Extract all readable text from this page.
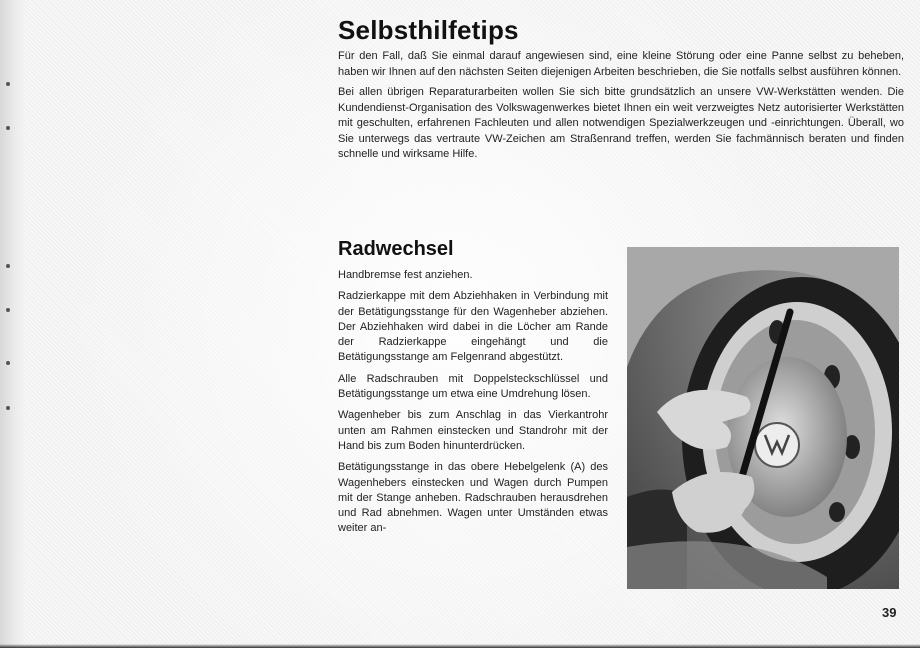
Selbsthilfetips

Für den Fall, daß Sie einmal darauf angewiesen sind, eine kleine Störung oder eine Panne selbst zu beheben, haben wir Ihnen auf den nächsten Seiten diejenigen Arbeiten beschrieben, die Sie notfalls selbst ausführen können.

Bei allen übrigen Reparaturarbeiten wollen Sie sich bitte grundsätzlich an unsere VW-Werkstätten wenden. Die Kundendienst-Organisation des Volkswagenwerkes bietet Ihnen ein weit verzweigtes Netz autorisierter Werkstätten mit geschulten, erfahrenen Fachleuten und allen notwendigen Spezialwerkzeugen und -einrichtungen. Überall, wo Sie unterwegs das vertraute VW-Zeichen am Straßenrand treffen, werden Sie fachmännisch beraten und finden schnelle und wirksame Hilfe.

Radwechsel

Handbremse fest anziehen.

Radzierkappe mit dem Abziehhaken in Verbindung mit der Betätigungsstange für den Wagenheber abziehen. Der Abziehhaken wird dabei in die Löcher am Rande der Radzierkappe eingehängt und die Betätigungsstange am Felgenrand abgestützt.

Alle Radschrauben mit Doppelsteckschlüssel und Betätigungsstange um etwa eine Umdrehung lösen.

Wagenheber bis zum Anschlag in das Vierkantrohr unten am Rahmen einstecken und Standrohr mit der Hand bis zum Boden hinunterdrücken.

Betätigungsstange in das obere Hebelgelenk (A) des Wagenhebers einstecken und Wagen durch Pumpen mit der Stange anheben. Radschrauben herausdrehen und Rad abnehmen. Wagen unter Umständen etwas weiter an-

39
